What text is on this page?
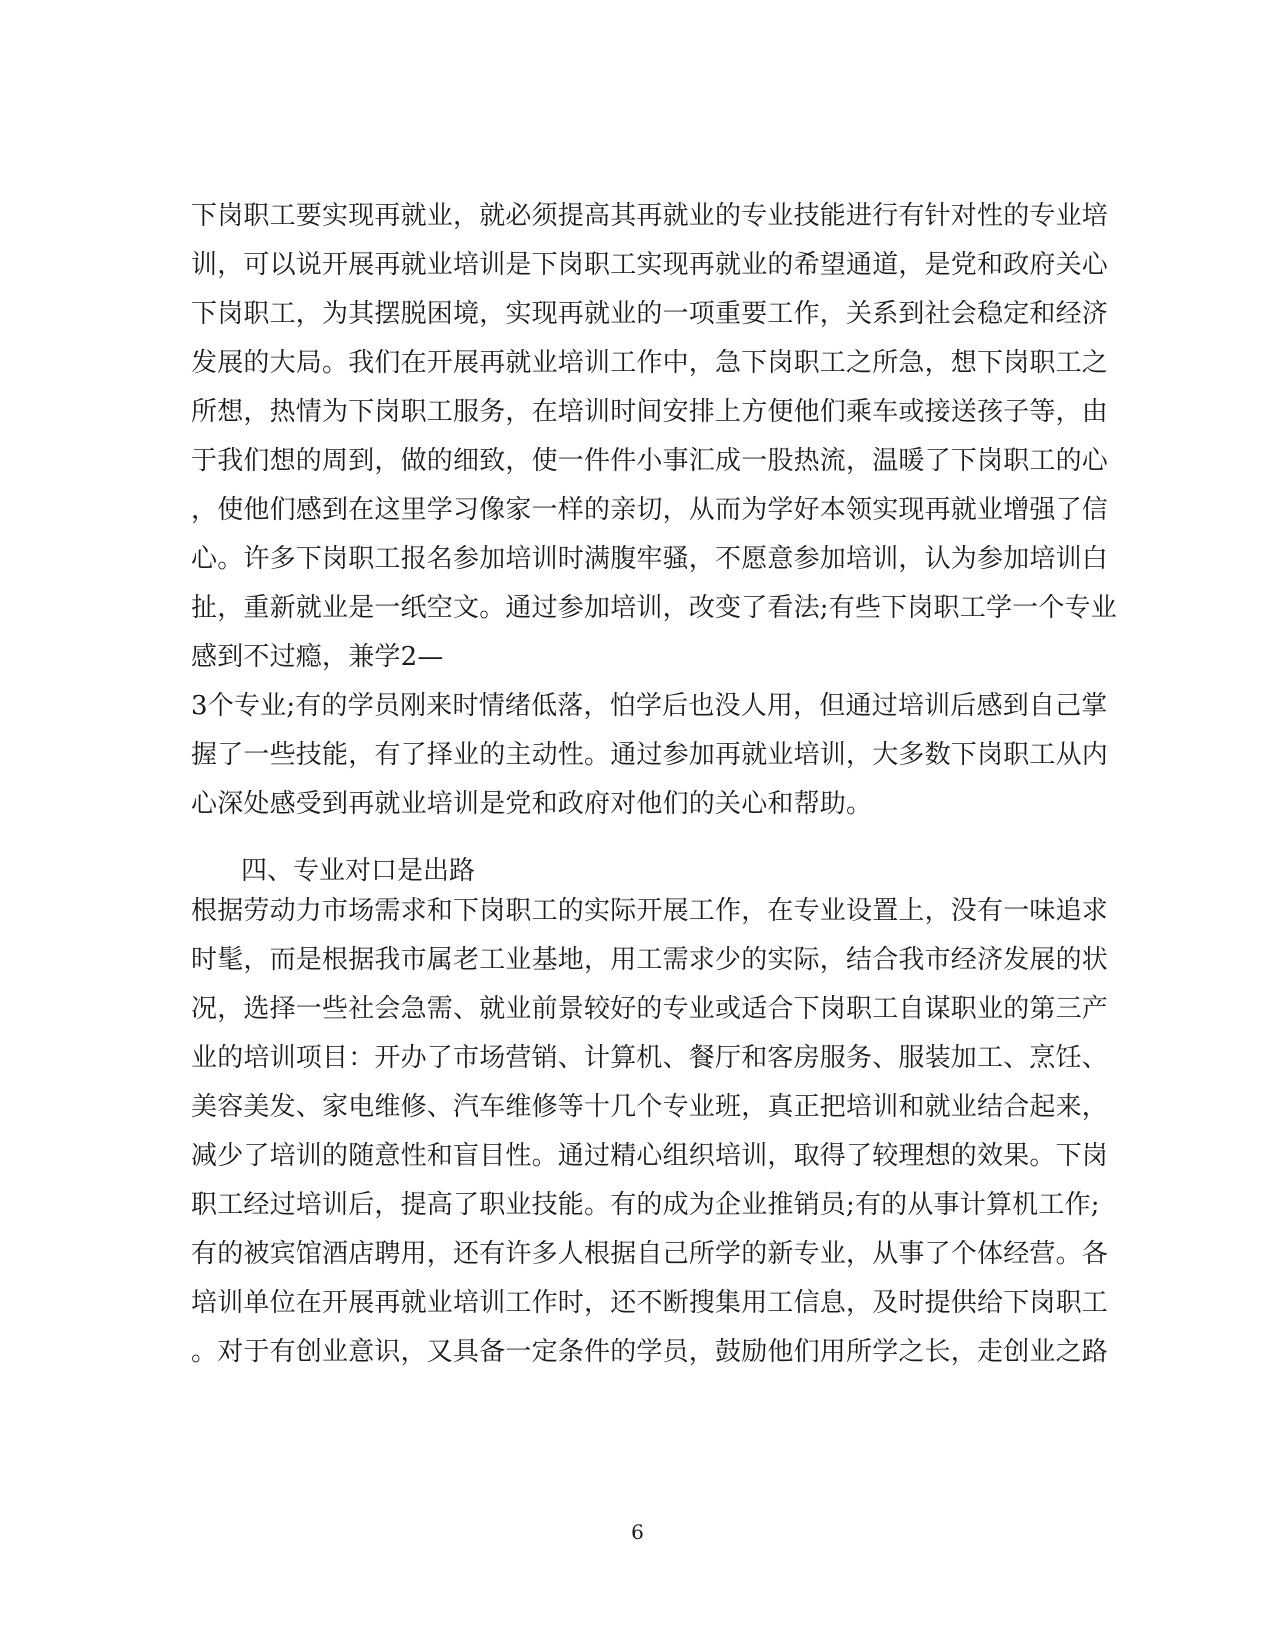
下岗职工要实现再就业，就必须提高其再就业的专业技能进行有针对性的专业培
训，可以说开展再就业培训是下岗职工实现再就业的希望通道，是党和政府关心
下岗职工，为其摆脱困境，实现再就业的一项重要工作，关系到社会稳定和经济
发展的大局。我们在开展再就业培训工作中，急下岗职工之所急，想下岗职工之
所想，热情为下岗职工服务，在培训时间安排上方便他们乘车或接送孩子等，由
于我们想的周到，做的细致，使一件件小事汇成一股热流，温暖了下岗职工的心
，使他们感到在这里学习像家一样的亲切，从而为学好本领实现再就业增强了信
心。许多下岗职工报名参加培训时满腹牢骚，不愿意参加培训，认为参加培训白
扯，重新就业是一纸空文。通过参加培训，改变了看法;有些下岗职工学一个专业
感到不过瘾，兼学2—
3个专业;有的学员刚来时情绪低落，怕学后也没人用，但通过培训后感到自己掌
握了一些技能，有了择业的主动性。通过参加再就业培训，大多数下岗职工从内
心深处感受到再就业培训是党和政府对他们的关心和帮助。
四、专业对口是出路
根据劳动力市场需求和下岗职工的实际开展工作，在专业设置上，没有一味追求
时髦，而是根据我市属老工业基地，用工需求少的实际，结合我市经济发展的状
况，选择一些社会急需、就业前景较好的专业或适合下岗职工自谋职业的第三产
业的培训项目：开办了市场营销、计算机、餐厅和客房服务、服装加工、烹饪、
美容美发、家电维修、汽车维修等十几个专业班，真正把培训和就业结合起来，
减少了培训的随意性和盲目性。通过精心组织培训，取得了较理想的效果。下岗
职工经过培训后，提高了职业技能。有的成为企业推销员;有的从事计算机工作;
有的被宾馆酒店聘用，还有许多人根据自己所学的新专业，从事了个体经营。各
培训单位在开展再就业培训工作时，还不断搜集用工信息，及时提供给下岗职工
。对于有创业意识，又具备一定条件的学员，鼓励他们用所学之长，走创业之路
6
